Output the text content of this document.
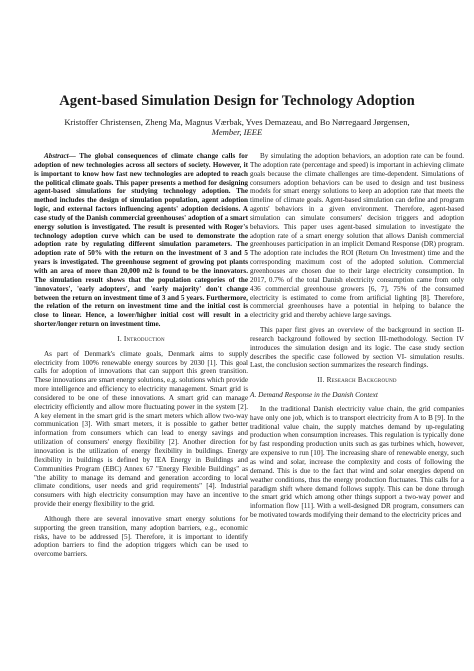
Agent-based Simulation Design for Technology Adoption
Kristoffer Christensen, Zheng Ma, Magnus Værbak, Yves Demazeau, and Bo Nørregaard Jørgensen,
Member, IEEE

Abstract— The global consequences of climate change calls for adoption of new technologies across all sectors of society. However, it is important to know how fast new technologies are adopted to reach the political climate goals. This paper presents a method for designing agent-based simulations for studying technology adoption. The method includes the design of simulation population, agent adoption logic, and external factors influencing agents' adoption decisions. A case study of the Danish commercial greenhouses' adoption of a smart energy solution is investigated. The result is presented with Roger's technology adoption curve which can be used to demonstrate the adoption rate by regulating different simulation parameters. The adoption rate of 50% with the return on the investment of 3 and 5 years is investigated. The greenhouse segment of growing pot plants with an area of more than 20,000 m2 is found to be the innovators. The simulation result shows that the population categories of the 'innovators', 'early adopters', and 'early majority' don't change between the return on investment time of 3 and 5 years. Furthermore, the relation of the return on investment time and the initial cost is close to linear. Hence, a lower/higher initial cost will result in a shorter/longer return on investment time.

I. Introduction

As part of Denmark's climate goals, Denmark aims to supply electricity from 100% renewable energy sources by 2030 [1]. This goal calls for adoption of innovations that can support this green transition. These innovations are smart energy solutions, e.g. solutions which provide more intelligence and efficiency to electricity management. Smart grid is considered to be one of these innovations. A smart grid can manage electricity efficiently and allow more fluctuating power in the system [2]. A key element in the smart grid is the smart meters which allow two-way communication [3]. With smart meters, it is possible to gather better information from consumers which can lead to energy savings and utilization of consumers' energy flexibility [2]. Another direction for innovation is the utilization of energy flexibility in buildings. Energy flexibility in buildings is defined by IEA Energy in Buildings and Communities Program (EBC) Annex 67 "Energy Flexible Buildings" as "the ability to manage its demand and generation according to local climate conditions, user needs and grid requirements" [4]. Industrial consumers with high electricity consumption may have an incentive to provide their energy flexibility to the grid.

Although there are several innovative smart energy solutions for supporting the green transition, many adoption barriers, e.g., economic risks, have to be addressed [5]. Therefore, it is important to identify adoption barriers to find the adoption triggers which can be used to overcome barriers.

By simulating the adoption behaviors, an adoption rate can be found. The adoption rate (percentage and speed) is important in achieving climate goals because the climate challenges are time-dependent. Simulations of consumers adoption behaviors can be used to design and test business models for smart energy solutions to keep an adoption rate that meets the timeline of climate goals. Agent-based simulation can define and program agents' behaviors in a given environment. Therefore, agent-based simulation can simulate consumers' decision triggers and adoption behaviors. This paper uses agent-based simulation to investigate the adoption rate of a smart energy solution that allows Danish commercial greenhouses participation in an implicit Demand Response (DR) program. The adoption rate includes the ROI (Return On Investment) time and the corresponding maximum cost of the adopted solution. Commercial greenhouses are chosen due to their large electricity consumption. In 2017, 0.7% of the total Danish electricity consumption came from only 436 commercial greenhouse growers [6, 7], 75% of the consumed electricity is estimated to come from artificial lighting [8]. Therefore, commercial greenhouses have a potential in helping to balance the electricity grid and thereby achieve large savings.

This paper first gives an overview of the background in section II- research background followed by section III-methodology. Section IV introduces the simulation design and its logic. The case study section describes the specific case followed by section VI- simulation results. Last, the conclusion section summarizes the research findings.

II. Research Background
A. Demand Response in the Danish Context

In the traditional Danish electricity value chain, the grid companies have only one job, which is to transport electricity from A to B [9]. In the traditional value chain, the supply matches demand by up-regulating production when consumption increases. This regulation is typically done by fast responding production units such as gas turbines which, however, are expensive to run [10]. The increasing share of renewable energy, such as wind and solar, increase the complexity and costs of following the demand. This is due to the fact that wind and solar energies depend on weather conditions, thus the energy production fluctuates. This calls for a paradigm shift where demand follows supply. This can be done through the smart grid which among other things support a two-way power and information flow [11]. With a well-designed DR program, consumers can be motivated towards modifying their demand to the electricity prices and
